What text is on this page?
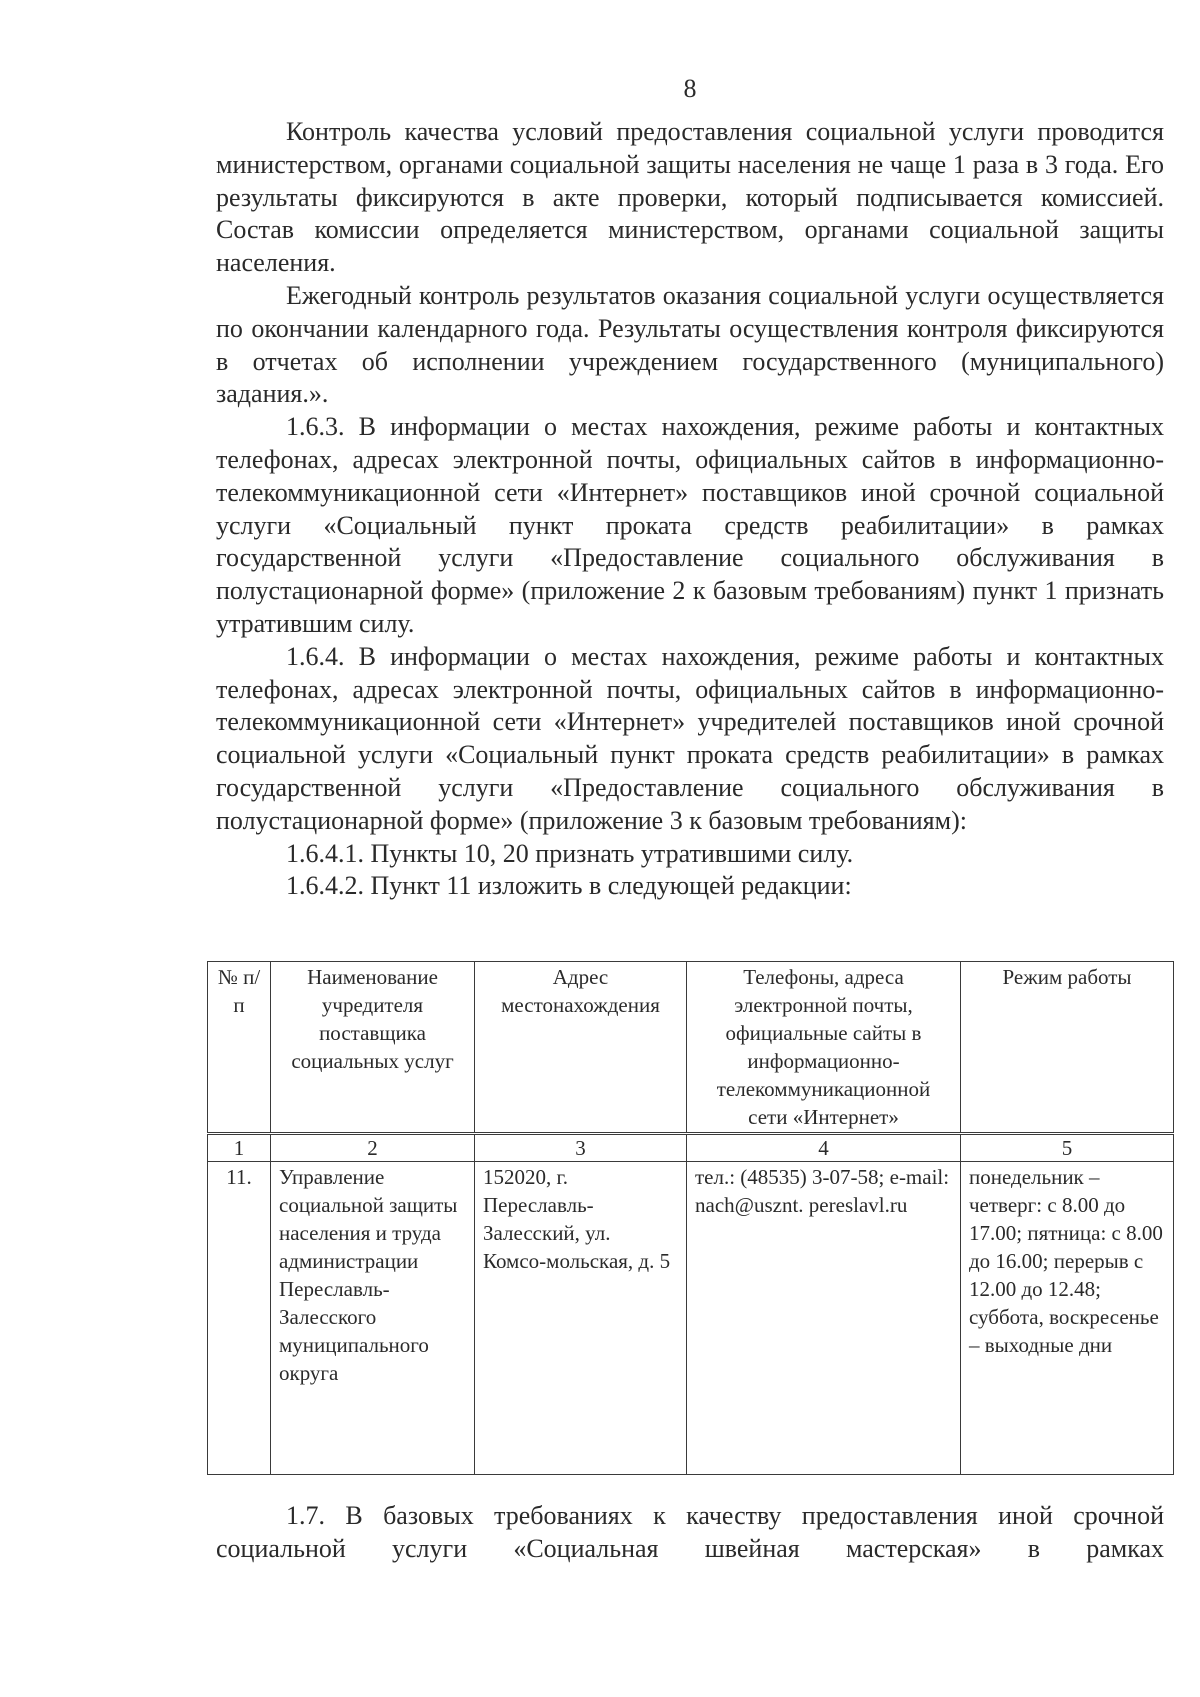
8

Контроль качества условий предоставления социальной услуги проводится министерством, органами социальной защиты населения не чаще 1 раза в 3 года. Его результаты фиксируются в акте проверки, который подписывается комиссией. Состав комиссии определяется министерством, органами социальной защиты населения.

Ежегодный контроль результатов оказания социальной услуги осуществляется по окончании календарного года. Результаты осуществления контроля фиксируются в отчетах об исполнении учреждением государственного (муниципального) задания.».

1.6.3. В информации о местах нахождения, режиме работы и контактных телефонах, адресах электронной почты, официальных сайтов в информационно-телекоммуникационной сети «Интернет» поставщиков иной срочной социальной услуги «Социальный пункт проката средств реабилитации» в рамках государственной услуги «Предоставление социального обслуживания в полустационарной форме» (приложение 2 к базовым требованиям) пункт 1 признать утратившим силу.

1.6.4. В информации о местах нахождения, режиме работы и контактных телефонах, адресах электронной почты, официальных сайтов в информационно-телекоммуникационной сети «Интернет» учредителей поставщиков иной срочной социальной услуги «Социальный пункт проката средств реабилитации» в рамках государственной услуги «Предоставление социального обслуживания в полустационарной форме» (приложение 3 к базовым требованиям):

1.6.4.1. Пункты 10, 20 признать утратившими силу.

1.6.4.2. Пункт 11 изложить в следующей редакции:

№ п/п	Наименование учредителя поставщика социальных услуг	Адрес местонахождения	Телефоны, адреса электронной почты, официальные сайты в информационно-телекоммуникационной сети «Интернет»	Режим работы
1	2	3	4	5
11.	Управление социальной защиты населения и труда администрации Переславль-Залесского муниципального округа	152020, г. Переславль-Залесский, ул. Комсо-мольская, д. 5	тел.: (48535) 3-07-58; e-mail: nach@usznt. pereslavl.ru	понедельник – четверг: с 8.00 до 17.00; пятница: с 8.00 до 16.00; перерыв с 12.00 до 12.48; суббота, воскресенье – выходные дни

1.7. В базовых требованиях к качеству предоставления иной срочной социальной услуги «Социальная швейная мастерская» в рамках
